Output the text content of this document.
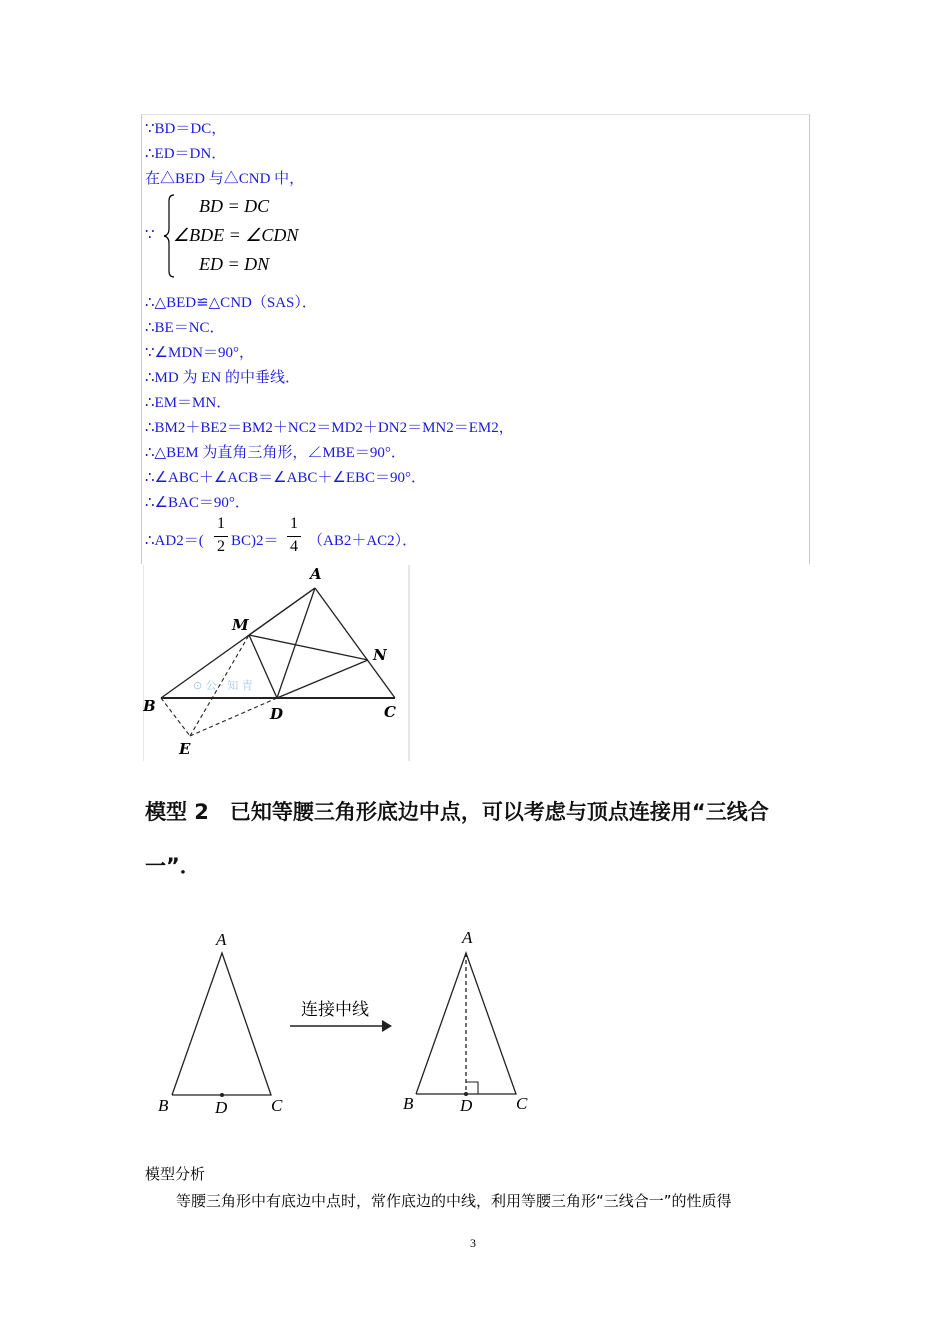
∵BD＝DC，
∴ED＝DN．
在△BED 与△CND 中，
∵
BD = DC
∠BDE = ∠CDN
ED = DN
∴△BED≌△CND（SAS）．
∴BE＝NC．
∵∠MDN＝90°，
∴MD 为 EN 的中垂线．
∴EM＝MN．
∴BM2＋BE2＝BM2＋NC2＝MD2＋DN2＝MN2＝EM2，
∴△BEM 为直角三角形，∠MBE＝90°．
∴∠ABC＋∠ACB＝∠ABC＋∠EBC＝90°．
∴∠BAC＝90°．
∴AD2＝(
1
2 BC)2＝
1
4 （AB2＋AC2）．
A
M
N
B	D	C
E
⊙ 公 · 知 青
模型 2　已知等腰三角形底边中点，可以考虑与顶点连接用“三线合
一”．
A
B	D	C
A
B	D	C
连接中线
模型分析
等腰三角形中有底边中点时，常作底边的中线，利用等腰三角形“三线合一”的性质得
3
